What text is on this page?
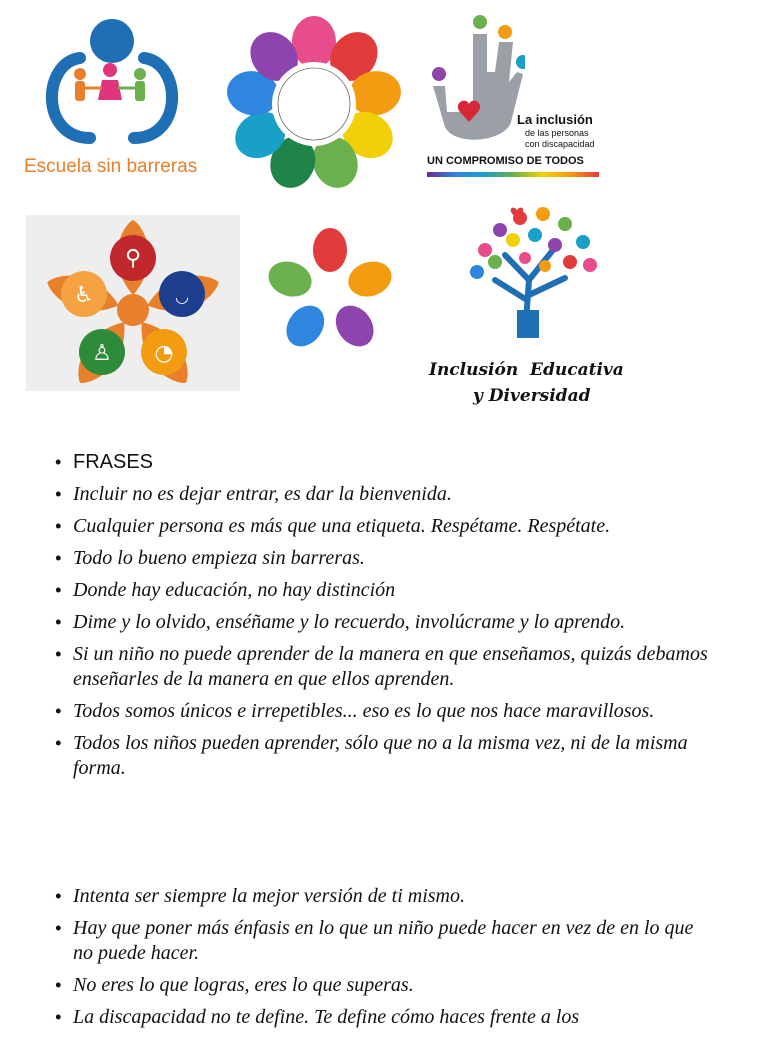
Escuela sin barreras
La inclusión
de las personas
con discapacidad
UN COMPROMISO DE TODOS
⚲
♿
♙ ◔
◡
Inclusión  Educativa
y Diversidad
• FRASES
• Incluir no es dejar entrar, es dar la bienvenida.
• Cualquier persona es más que una etiqueta. Respétame. Respétate.
• Todo lo bueno empieza sin barreras.
• Donde hay educación, no hay distinción
• Dime y lo olvido, enséñame y lo recuerdo, involúcrame y lo aprendo.
• Si un niño no puede aprender de la manera en que enseñamos, quizás debamos enseñarles de la manera en que ellos aprenden.
• Todos somos únicos e irrepetibles... eso es lo que nos hace maravillosos.
• Todos los niños pueden aprender, sólo que no a la misma vez, ni de la misma forma.
• Intenta ser siempre la mejor versión de ti mismo.
• Hay que poner más énfasis en lo que un niño puede hacer en vez de en lo que no puede hacer.
• No eres lo que logras, eres lo que superas.
• La discapacidad no te define. Te define cómo haces frente a los
